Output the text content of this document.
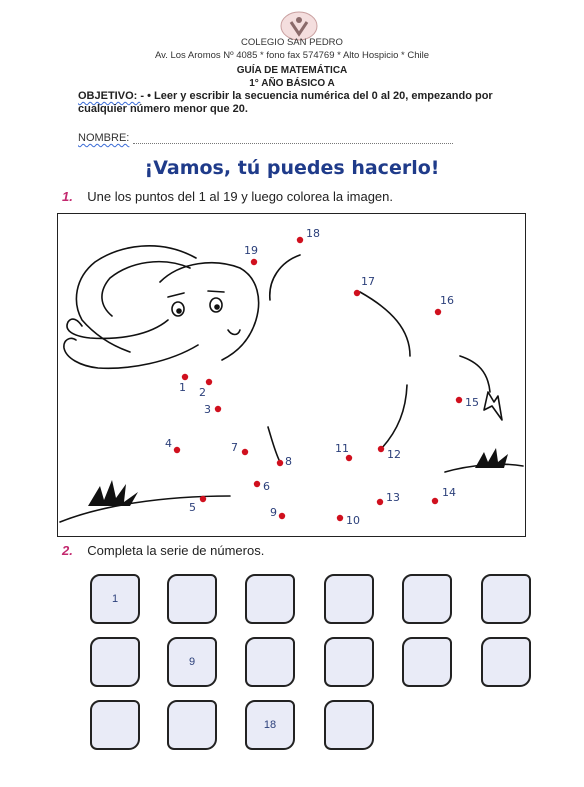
COLEGIO SAN PEDRO
Av. Los Aromos Nº 4085 * fono fax 574769 * Alto Hospicio * Chile
GUÍA DE MATEMÁTICA
1° AÑO BÁSICO A
OBJETIVO: - • Leer y escribir la secuencia numérica del 0 al 20, empezando por cualquier número menor que 20.
NOMBRE:
¡Vamos, tú puedes hacerlo!
1. Une los puntos del 1 al 19 y luego colorea la imagen.
1 2
3
4
5
6
7
8
9
10
11	12
13	14
15
16
17
18
19
2. Completa la serie de números.
1
9
18
